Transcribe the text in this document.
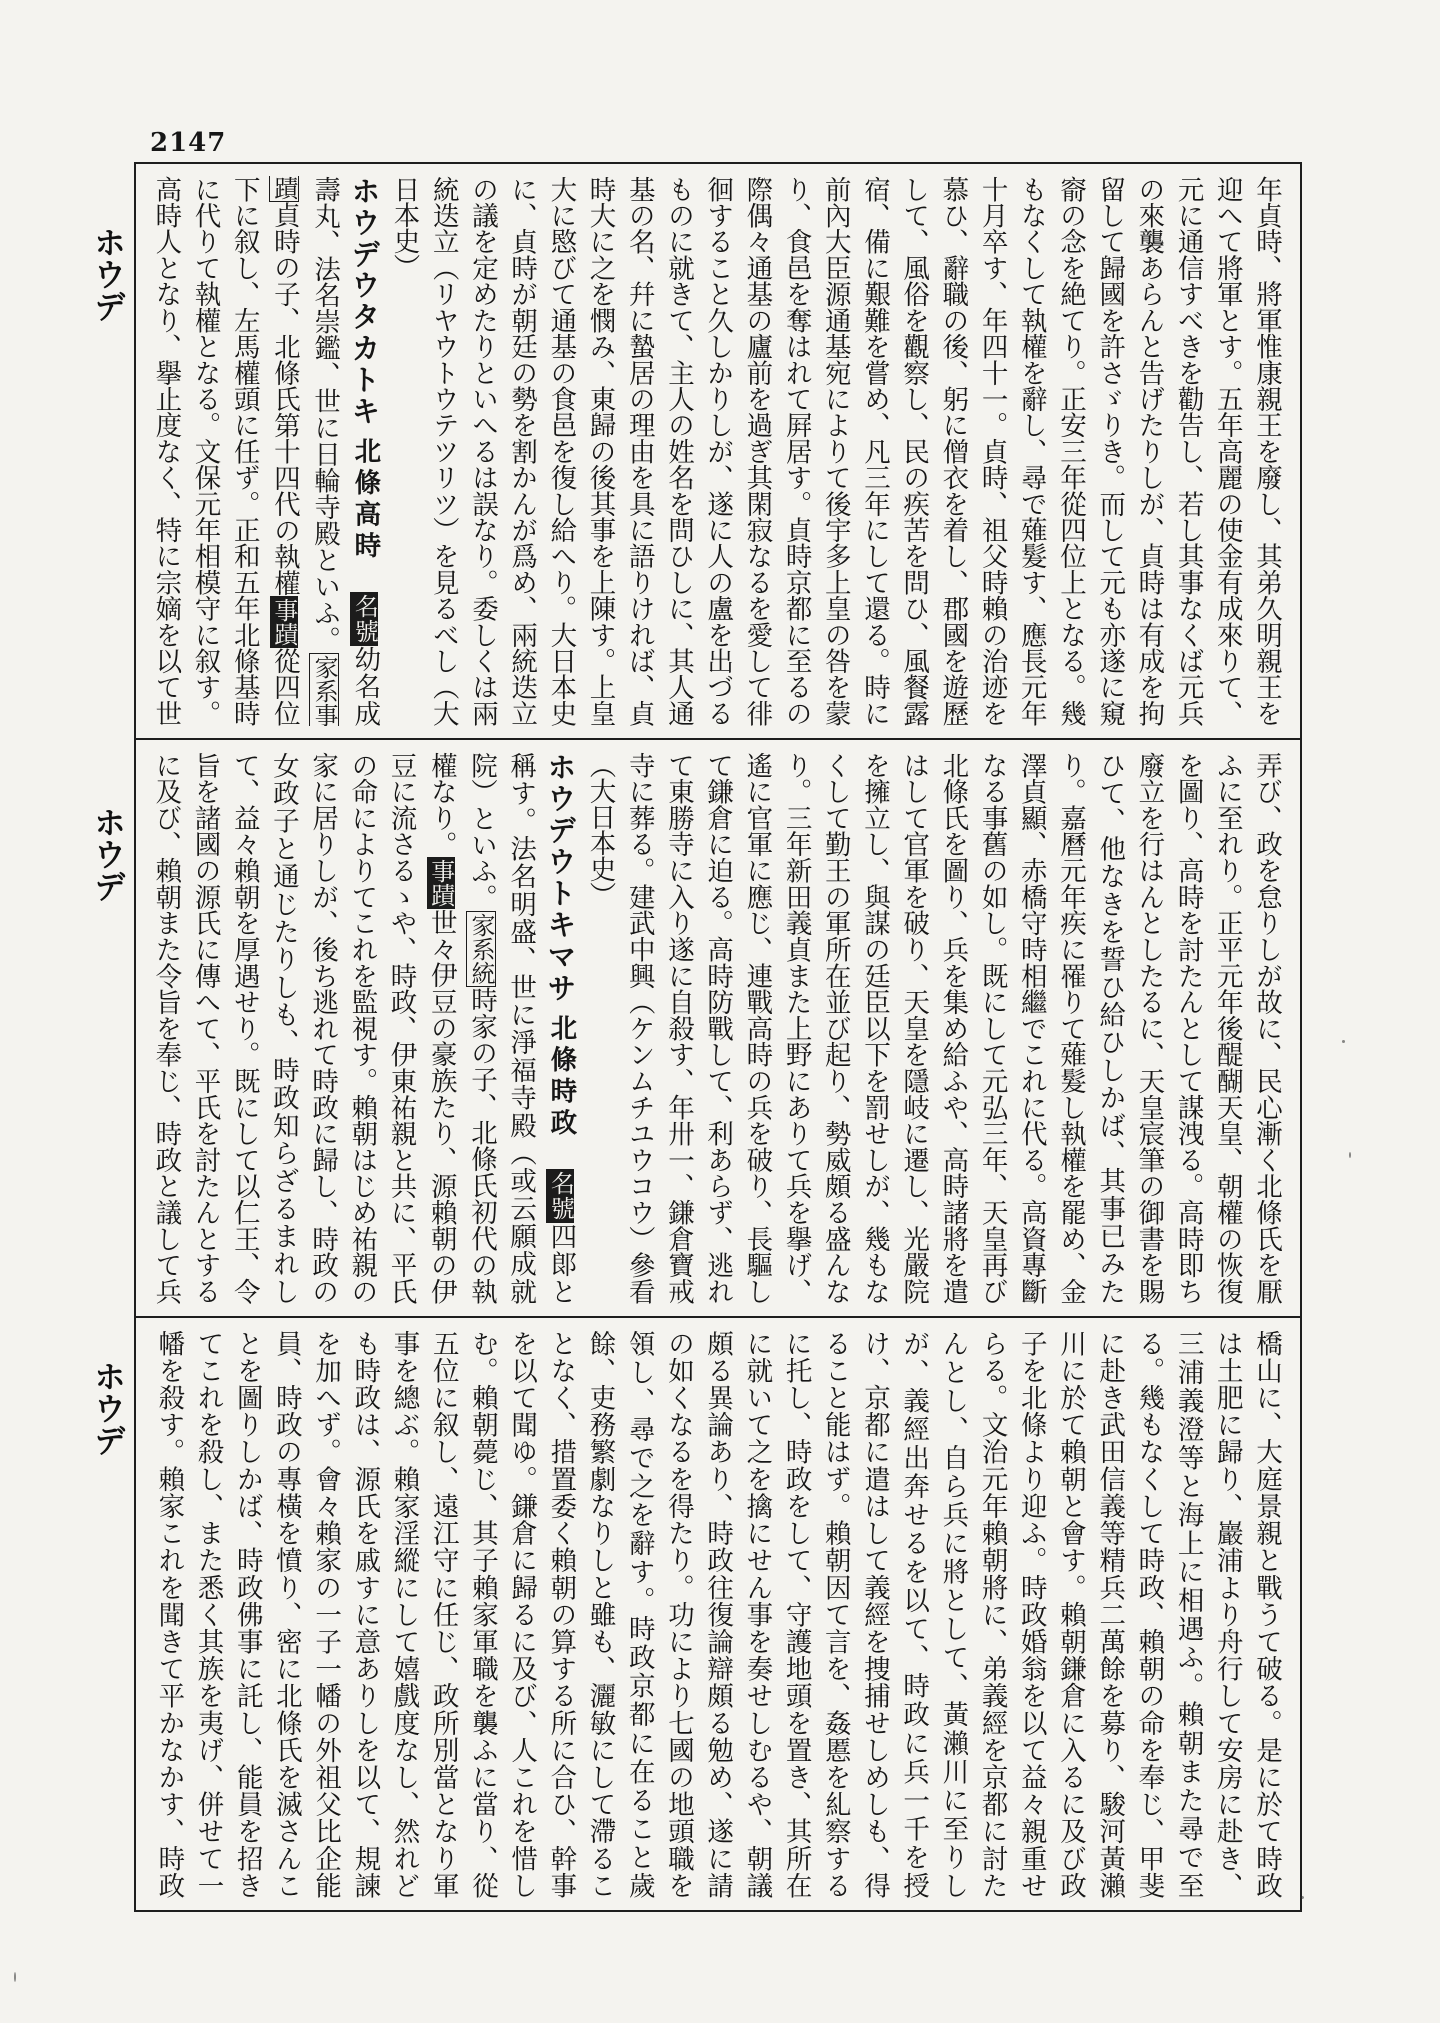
2147
ホウデ
ホウデ
ホウデ

年貞時、將軍惟康親王を廢し、其弟久明親王を迎へて將軍とす。五年高麗の使金有成來りて、元に通信すべきを勸告し、若し其事なくば元兵の來襲あらんと告げたりしが、貞時は有成を拘留して歸國を許さゞりき。而して元も亦遂に窺窬の念を絶てり。正安三年從四位上となる。幾もなくして執權を辭し、尋で薙髮す、應長元年十月卒す、年四十一。貞時、祖父時賴の治迹を慕ひ、辭職の後、躬に僧衣を着し、郡國を遊歷して、風俗を觀察し、民の疾苦を問ひ、風餐露宿、備に艱難を嘗め、凡三年にして還る。時に前內大臣源通基宛によりて後宇多上皇の咎を蒙り、食邑を奪はれて屛居す。貞時京都に至るの際偶々通基の廬前を過ぎ其閑寂なるを愛して徘徊すること久しかりしが、遂に人の盧を出づるものに就きて、主人の姓名を問ひしに、其人通基の名、幷に蟄居の理由を具に語りければ、貞時大に之を憫み、東歸の後其事を上陳す。上皇大に愍びて通基の食邑を復し給へり。大日本史に、貞時が朝廷の勢を割かんが爲め、兩統迭立の議を定めたりといへるは誤なり。委しくは兩統迭立（リヤウトウテツリツ）を見るべし（大日本史）

ホウデウタカトキ北條高時　名號幼名成壽丸、法名崇鑑、世に日輪寺殿といふ。家系事蹟貞時の子、北條氏第十四代の執權事蹟從四位下に叙し、左馬權頭に任ず。正和五年北條基時に代りて執權となる。文保元年相模守に叙す。高時人となり、擧止度なく、特に宗嫡を以て世

弄び、政を怠りしが故に、民心漸く北條氏を厭ふに至れり。正平元年後醍醐天皇、朝權の恢復を圖り、高時を討たんとして謀洩る。高時即ち廢立を行はんとしたるに、天皇宸筆の御書を賜ひて、他なきを誓ひ給ひしかば、其事已みたり。嘉曆元年疾に罹りて薙髮し執權を罷め、金澤貞顯、赤橋守時相繼でこれに代る。高資專斷なる事舊の如し。既にして元弘三年、天皇再び北條氏を圖り、兵を集め給ふや、高時諸將を遣はして官軍を破り、天皇を隱岐に遷し、光嚴院を擁立し、與謀の廷臣以下を罰せしが、幾もなくして勤王の軍所在並び起り、勢威頗る盛んなり。三年新田義貞また上野にありて兵を擧げ、遙に官軍に應じ、連戰高時の兵を破り、長驅して鎌倉に迫る。高時防戰して、利あらず、逃れて東勝寺に入り遂に自殺す、年卅一、鎌倉寶戒寺に葬る。建武中興（ケンムチユウコウ）參看（大日本史）

ホウデウトキマサ北條時政　名號四郞と稱す。法名明盛、世に淨福寺殿（或云願成就院）といふ。家系統時家の子、北條氏初代の執權なり。事蹟世々伊豆の豪族たり、源賴朝の伊豆に流さるゝや、時政、伊東祐親と共に、平氏の命によりてこれを監視す。賴朝はじめ祐親の家に居りしが、後ち逃れて時政に歸し、時政の女政子と通じたりしも、時政知らざるまれして、益々賴朝を厚遇せり。既にして以仁王、令旨を諸國の源氏に傳へて、平氏を討たんとするに及び、賴朝また令旨を奉じ、時政と議して兵

橋山に、大庭景親と戰うて破る。是に於て時政は土肥に歸り、巖浦より舟行して安房に赴き、三浦義澄等と海上に相遇ふ。賴朝また尋で至る。幾もなくして時政、賴朝の命を奉じ、甲斐に赴き武田信義等精兵二萬餘を募り、駿河黃瀨川に於て賴朝と會す。賴朝鎌倉に入るに及び政子を北條より迎ふ。時政婚翁を以て益々親重せらる。文治元年賴朝將に、弟義經を京都に討たんとし、自ら兵に將として、黃瀨川に至りしが、義經出奔せるを以て、時政に兵一千を授け、京都に遣はして義經を捜捕せしめしも、得ること能はず。賴朝因て言を、姦慝を糺察するに托し、時政をして、守護地頭を置き、其所在に就いて之を擒にせん事を奏せしむるや、朝議頗る異論あり、時政往復論辯頗る勉め、遂に請の如くなるを得たり。功により七國の地頭職を領し、尋で之を辭す。時政京都に在ること歲餘、吏務繁劇なりしと雖も、灑敏にして滯ることなく、措置委く賴朝の算する所に合ひ、幹事を以て聞ゆ。鎌倉に歸るに及び、人これを惜しむ。賴朝薨じ、其子賴家軍職を襲ふに當り、從五位に叙し、遠江守に任じ、政所別當となり軍事を總ぶ。賴家淫縱にして嬉戲度なし、然れども時政は、源氏を戚すに意ありしを以て、規諫を加へず。會々賴家の一子一幡の外祖父比企能員、時政の專橫を憤り、密に北條氏を滅さんことを圖りしかば、時政佛事に託し、能員を招きてこれを殺し、また悉く其族を夷げ、併せて一幡を殺す。賴家これを聞きて平かなかす、時政
